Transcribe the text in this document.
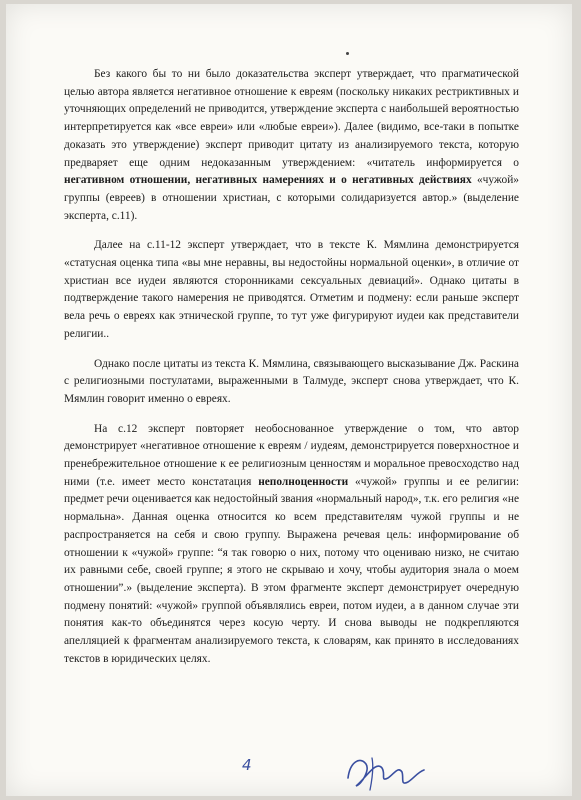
Без какого бы то ни было доказательства эксперт утверждает, что прагматической целью автора является негативное отношение к евреям (поскольку никаких рестриктивных и уточняющих определений не приводится, утверждение эксперта с наибольшей вероятностью интерпретируется как «все евреи» или «любые евреи»). Далее (видимо, все-таки в попытке доказать это утверждение) эксперт приводит цитату из анализируемого текста, которую предваряет еще одним недоказанным утверждением: «читатель информируется о негативном отношении, негативных намерениях и о негативных действиях «чужой» группы (евреев) в отношении христиан, с которыми солидаризуется автор.» (выделение эксперта, с.11).

Далее на с.11-12 эксперт утверждает, что в тексте К. Мямлина демонстрируется «статусная оценка типа «вы мне неравны, вы недостойны нормальной оценки», в отличие от христиан все иудеи являются сторонниками сексуальных девиаций». Однако цитаты в подтверждение такого намерения не приводятся. Отметим и подмену: если раньше эксперт вела речь о евреях как этнической группе, то тут уже фигурируют иудеи как представители религии..

Однако после цитаты из текста К. Мямлина, связывающего высказывание Дж. Раскина с религиозными постулатами, выраженными в Талмуде, эксперт снова утверждает, что К. Мямлин говорит именно о евреях.

На с.12 эксперт повторяет необоснованное утверждение о том, что автор демонстрирует «негативное отношение к евреям / иудеям, демонстрируется поверхностное и пренебрежительное отношение к ее религиозным ценностям и моральное превосходство над ними (т.е. имеет место констатация неполноценности «чужой» группы и ее религии: предмет речи оценивается как недостойный звания «нормальный народ», т.к. его религия «не нормальна». Данная оценка относится ко всем представителям чужой группы и не распространяется на себя и свою группу. Выражена речевая цель: информирование об отношении к «чужой» группе: “я так говорю о них, потому что оцениваю низко, не считаю их равными себе, своей группе; я этого не скрываю и хочу, чтобы аудитория знала о моем отношении”.» (выделение эксперта). В этом фрагменте эксперт демонстрирует очередную подмену понятий: «чужой» группой объявлялись евреи, потом иудеи, а в данном случае эти понятия как-то объединятся через косую черту. И снова выводы не подкрепляются апелляцией к фрагментам анализируемого текста, к словарям, как принято в исследованиях текстов в юридических целях.

4
